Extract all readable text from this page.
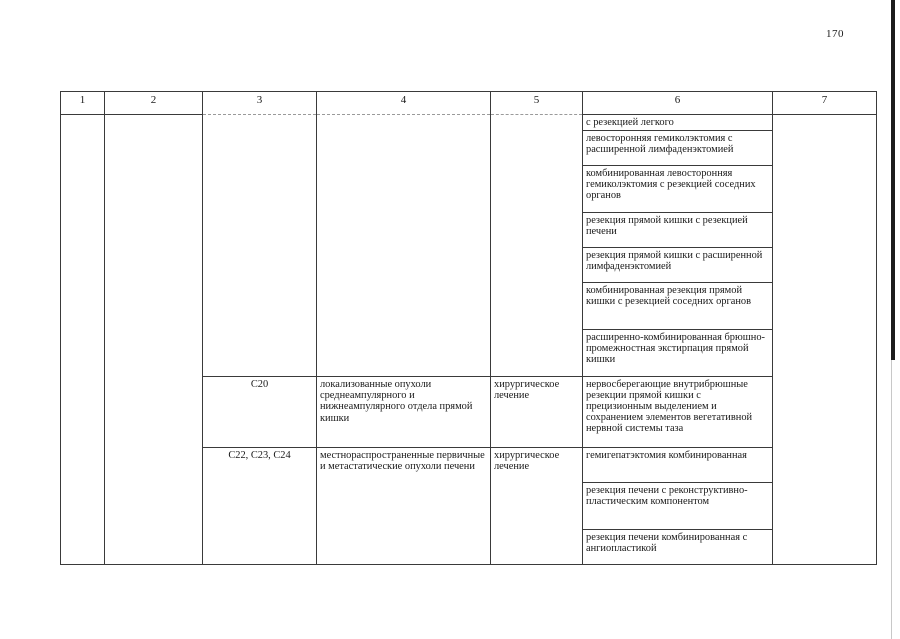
170
1	2	3	4	5	6	7
					с резекцией легкого	
					левосторонняя гемиколэктомия с расширенной лимфаденэктомией	
					комбинированная левосторонняя гемиколэктомия с резекцией соседних органов	
					резекция прямой кишки с резекцией печени	
					резекция прямой кишки с расширенной лимфаденэктомией	
					комбинированная резекция прямой кишки с резекцией соседних органов	
					расширенно-комбинированная брюшно-промежностная экстирпация прямой кишки	
		C20	локализованные опухоли среднеампулярного и нижнеампулярного отдела прямой кишки	хирургическое лечение	нервосберегающие внутрибрюшные резекции прямой кишки с прецизионным выделением и сохранением элементов вегетативной нервной системы таза	
		C22, C23, C24	местнораспространенные первичные и метастатические опухоли печени	хирургическое лечение	гемигепатэктомия комбинированная	
					резекция печени с реконструктивно-пластическим компонентом	
					резекция печени комбинированная с ангиопластикой	
